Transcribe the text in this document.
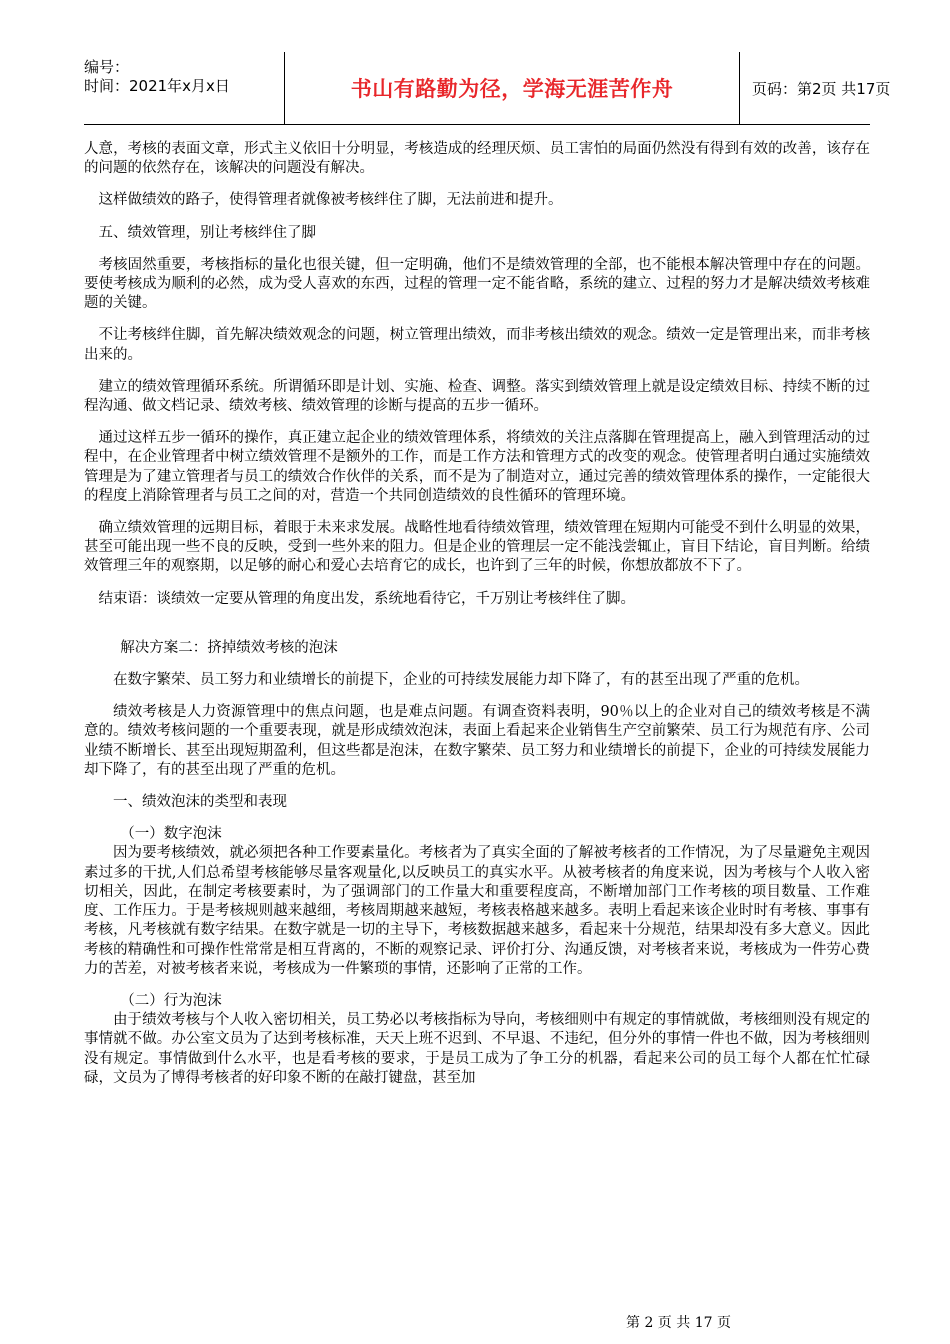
编号：
时间：2021年x月x日	书山有路勤为径，学海无涯苦作舟	页码：第2页 共17页

人意，考核的表面文章，形式主义依旧十分明显，考核造成的经理厌烦、员工害怕的局面仍然没有得到有效的改善，该存在的问题的依然存在，该解决的问题没有解决。

这样做绩效的路子，使得管理者就像被考核绊住了脚，无法前进和提升。

五、绩效管理，别让考核绊住了脚

考核固然重要，考核指标的量化也很关键，但一定明确，他们不是绩效管理的全部，也不能根本解决管理中存在的问题。要使考核成为顺利的必然，成为受人喜欢的东西，过程的管理一定不能省略，系统的建立、过程的努力才是解决绩效考核难题的关键。

不让考核绊住脚，首先解决绩效观念的问题，树立管理出绩效，而非考核出绩效的观念。绩效一定是管理出来，而非考核出来的。

建立的绩效管理循环系统。所谓循环即是计划、实施、检查、调整。落实到绩效管理上就是设定绩效目标、持续不断的过程沟通、做文档记录、绩效考核、绩效管理的诊断与提高的五步一循环。

通过这样五步一循环的操作，真正建立起企业的绩效管理体系，将绩效的关注点落脚在管理提高上，融入到管理活动的过程中，在企业管理者中树立绩效管理不是额外的工作，而是工作方法和管理方式的改变的观念。使管理者明白通过实施绩效管理是为了建立管理者与员工的绩效合作伙伴的关系，而不是为了制造对立，通过完善的绩效管理体系的操作，一定能很大的程度上消除管理者与员工之间的对，营造一个共同创造绩效的良性循环的管理环境。

确立绩效管理的远期目标，着眼于未来求发展。战略性地看待绩效管理，绩效管理在短期内可能受不到什么明显的效果，甚至可能出现一些不良的反映，受到一些外来的阻力。但是企业的管理层一定不能浅尝辄止，盲目下结论，盲目判断。给绩效管理三年的观察期，以足够的耐心和爱心去培育它的成长，也许到了三年的时候，你想放都放不下了。

结束语：谈绩效一定要从管理的角度出发，系统地看待它，千万别让考核绊住了脚。

解决方案二：挤掉绩效考核的泡沫

在数字繁荣、员工努力和业绩增长的前提下，企业的可持续发展能力却下降了，有的甚至出现了严重的危机。

绩效考核是人力资源管理中的焦点问题，也是难点问题。有调查资料表明，90％以上的企业对自己的绩效考核是不满意的。绩效考核问题的一个重要表现，就是形成绩效泡沫，表面上看起来企业销售生产空前繁荣、员工行为规范有序、公司业绩不断增长、甚至出现短期盈利，但这些都是泡沫，在数字繁荣、员工努力和业绩增长的前提下，企业的可持续发展能力却下降了，有的甚至出现了严重的危机。

一、绩效泡沫的类型和表现

（一）数字泡沫

因为要考核绩效，就必须把各种工作要素量化。考核者为了真实全面的了解被考核者的工作情况，为了尽量避免主观因素过多的干扰,人们总希望考核能够尽量客观量化,以反映员工的真实水平。从被考核者的角度来说，因为考核与个人收入密切相关，因此，在制定考核要素时，为了强调部门的工作量大和重要程度高，不断增加部门工作考核的项目数量、工作难度、工作压力。于是考核规则越来越细，考核周期越来越短，考核表格越来越多。表明上看起来该企业时时有考核、事事有考核，凡考核就有数字结果。在数字就是一切的主导下，考核数据越来越多，看起来十分规范，结果却没有多大意义。因此考核的精确性和可操作性常常是相互背离的，不断的观察记录、评价打分、沟通反馈，对考核者来说，考核成为一件劳心费力的苦差，对被考核者来说，考核成为一件繁琐的事情，还影响了正常的工作。

（二）行为泡沫

由于绩效考核与个人收入密切相关，员工势必以考核指标为导向，考核细则中有规定的事情就做，考核细则没有规定的事情就不做。办公室文员为了达到考核标准，天天上班不迟到、不早退、不违纪，但分外的事情一件也不做，因为考核细则没有规定。事情做到什么水平，也是看考核的要求，于是员工成为了争工分的机器，看起来公司的员工每个人都在忙忙碌碌，文员为了博得考核者的好印象不断的在敲打键盘，甚至加

第 2 页 共 17 页
